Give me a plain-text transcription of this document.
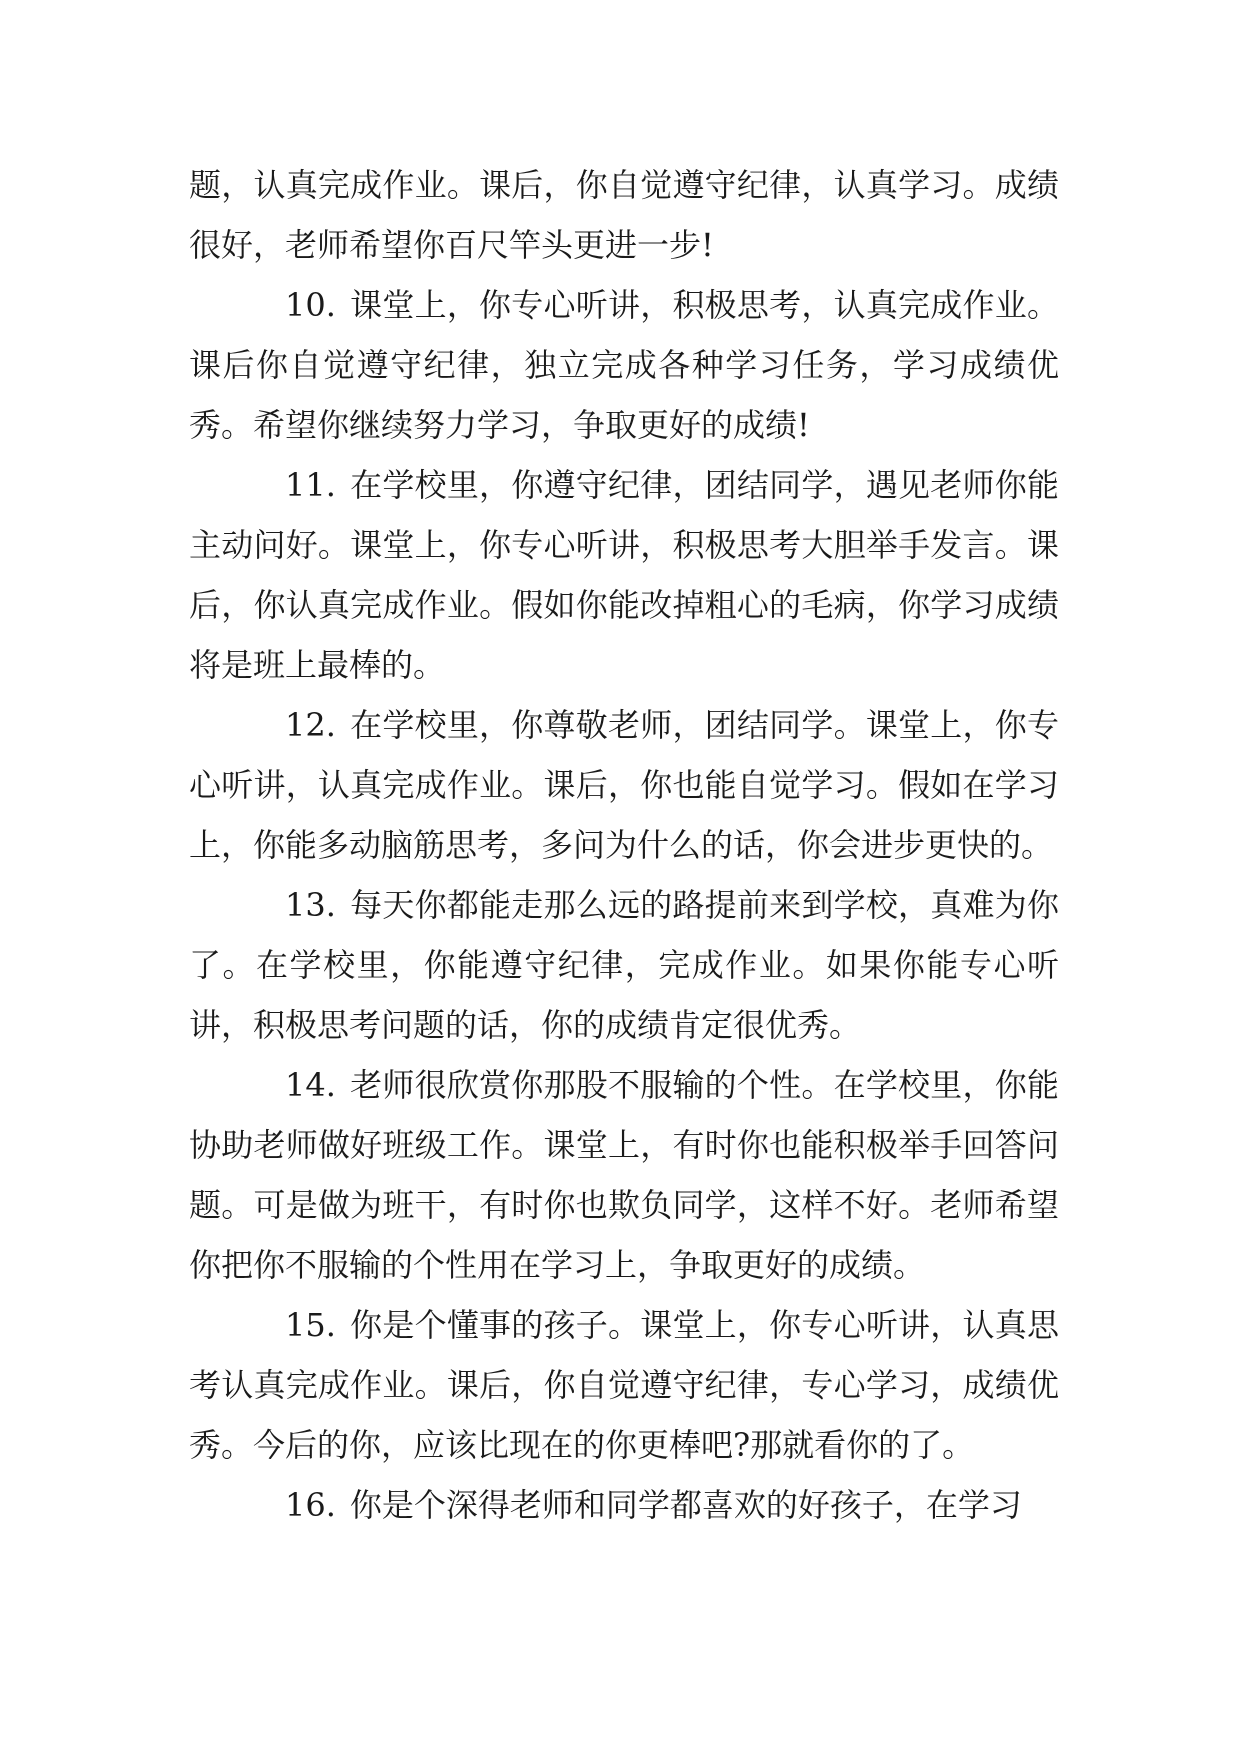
题，认真完成作业。课后，你自觉遵守纪律，认真学习。成绩很好，老师希望你百尺竿头更进一步!

10. 课堂上，你专心听讲，积极思考，认真完成作业。课后你自觉遵守纪律，独立完成各种学习任务，学习成绩优秀。希望你继续努力学习，争取更好的成绩!

11. 在学校里，你遵守纪律，团结同学，遇见老师你能主动问好。课堂上，你专心听讲，积极思考大胆举手发言。课后，你认真完成作业。假如你能改掉粗心的毛病，你学习成绩将是班上最棒的。

12. 在学校里，你尊敬老师，团结同学。课堂上，你专心听讲，认真完成作业。课后，你也能自觉学习。假如在学习上，你能多动脑筋思考，多问为什么的话，你会进步更快的。

13. 每天你都能走那么远的路提前来到学校，真难为你了。在学校里，你能遵守纪律，完成作业。如果你能专心听讲，积极思考问题的话，你的成绩肯定很优秀。

14. 老师很欣赏你那股不服输的个性。在学校里，你能协助老师做好班级工作。课堂上，有时你也能积极举手回答问题。可是做为班干，有时你也欺负同学，这样不好。老师希望你把你不服输的个性用在学习上，争取更好的成绩。

15. 你是个懂事的孩子。课堂上，你专心听讲，认真思考认真完成作业。课后，你自觉遵守纪律，专心学习，成绩优秀。今后的你，应该比现在的你更棒吧?那就看你的了。

16. 你是个深得老师和同学都喜欢的好孩子，在学习
